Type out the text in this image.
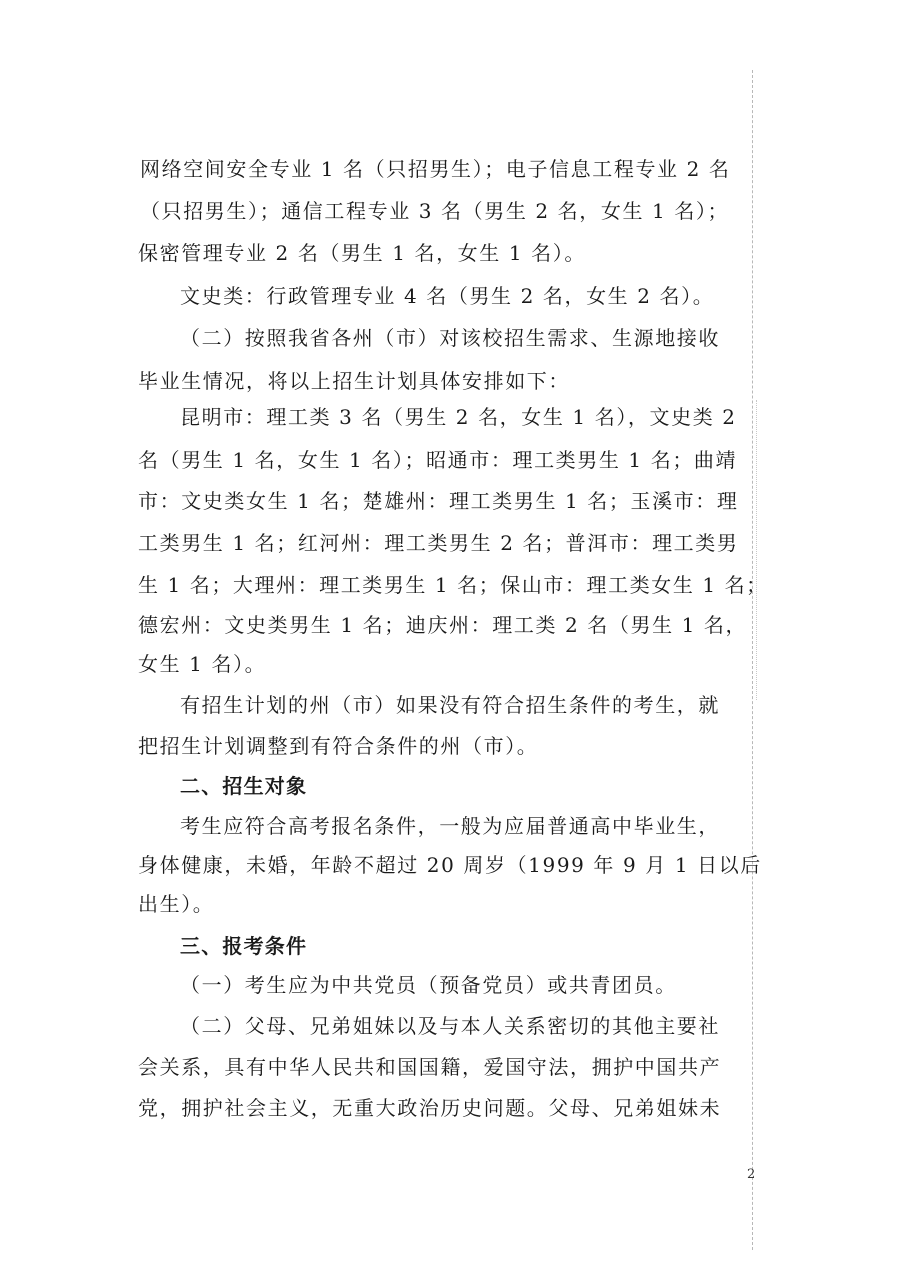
网络空间安全专业 1 名（只招男生）；电子信息工程专业 2 名
（只招男生）；通信工程专业 3 名（男生 2 名，女生 1 名）；
保密管理专业 2 名（男生 1 名，女生 1 名）。
文史类：行政管理专业 4 名（男生 2 名，女生 2 名）。
（二）按照我省各州（市）对该校招生需求、生源地接收
毕业生情况，将以上招生计划具体安排如下：
昆明市：理工类 3 名（男生 2 名，女生 1 名），文史类 2
名（男生 1 名，女生 1 名）；昭通市：理工类男生 1 名；曲靖
市：文史类女生 1 名；楚雄州：理工类男生 1 名；玉溪市：理
工类男生 1 名；红河州：理工类男生 2 名；普洱市：理工类男
生 1 名；大理州：理工类男生 1 名；保山市：理工类女生 1 名；
德宏州：文史类男生 1 名；迪庆州：理工类 2 名（男生 1 名，
女生 1 名）。
有招生计划的州（市）如果没有符合招生条件的考生，就
把招生计划调整到有符合条件的州（市）。
二、招生对象
考生应符合高考报名条件，一般为应届普通高中毕业生，
身体健康，未婚，年龄不超过 20 周岁（1999 年 9 月 1 日以后
出生）。
三、报考条件
（一）考生应为中共党员（预备党员）或共青团员。
（二）父母、兄弟姐妹以及与本人关系密切的其他主要社
会关系，具有中华人民共和国国籍，爱国守法，拥护中国共产
党，拥护社会主义，无重大政治历史问题。父母、兄弟姐妹未
2
